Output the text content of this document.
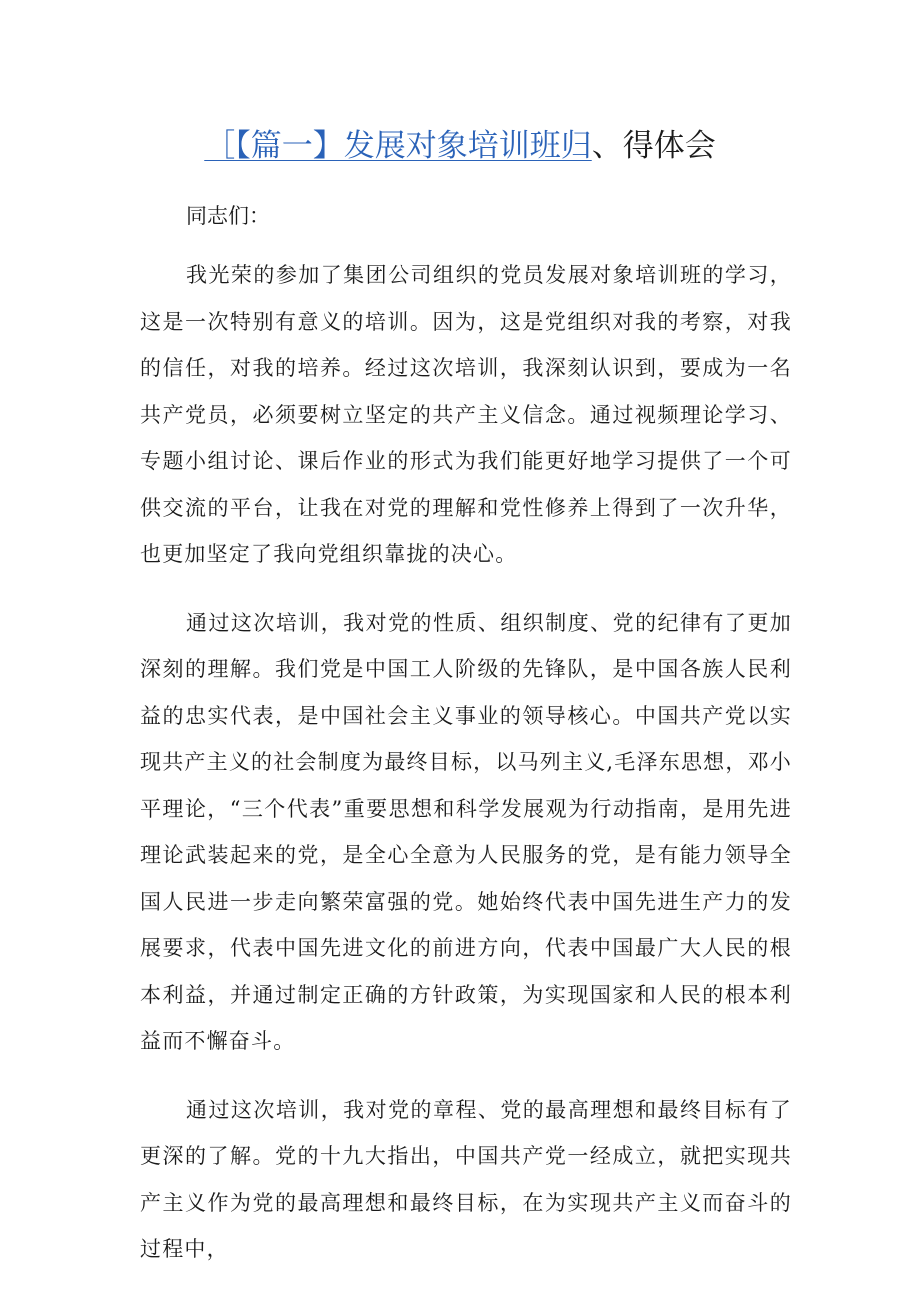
［【篇一】发展对象培训班归、得体会
同志们：

我光荣的参加了集团公司组织的党员发展对象培训班的学习，这是一次特别有意义的培训。因为，这是党组织对我的考察，对我的信任，对我的培养。经过这次培训，我深刻认识到，要成为一名共产党员，必须要树立坚定的共产主义信念。通过视频理论学习、专题小组讨论、课后作业的形式为我们能更好地学习提供了一个可供交流的平台，让我在对党的理解和党性修养上得到了一次升华，也更加坚定了我向党组织靠拢的决心。

通过这次培训，我对党的性质、组织制度、党的纪律有了更加深刻的理解。我们党是中国工人阶级的先锋队，是中国各族人民利益的忠实代表，是中国社会主义事业的领导核心。中国共产党以实现共产主义的社会制度为最终目标，以马列主义,毛泽东思想，邓小平理论，“三个代表”重要思想和科学发展观为行动指南，是用先进理论武装起来的党，是全心全意为人民服务的党，是有能力领导全国人民进一步走向繁荣富强的党。她始终代表中国先进生产力的发展要求，代表中国先进文化的前进方向，代表中国最广大人民的根本利益，并通过制定正确的方针政策，为实现国家和人民的根本利益而不懈奋斗。

通过这次培训，我对党的章程、党的最高理想和最终目标有了更深的了解。党的十九大指出，中国共产党一经成立，就把实现共产主义作为党的最高理想和最终目标，在为实现共产主义而奋斗的过程中，
